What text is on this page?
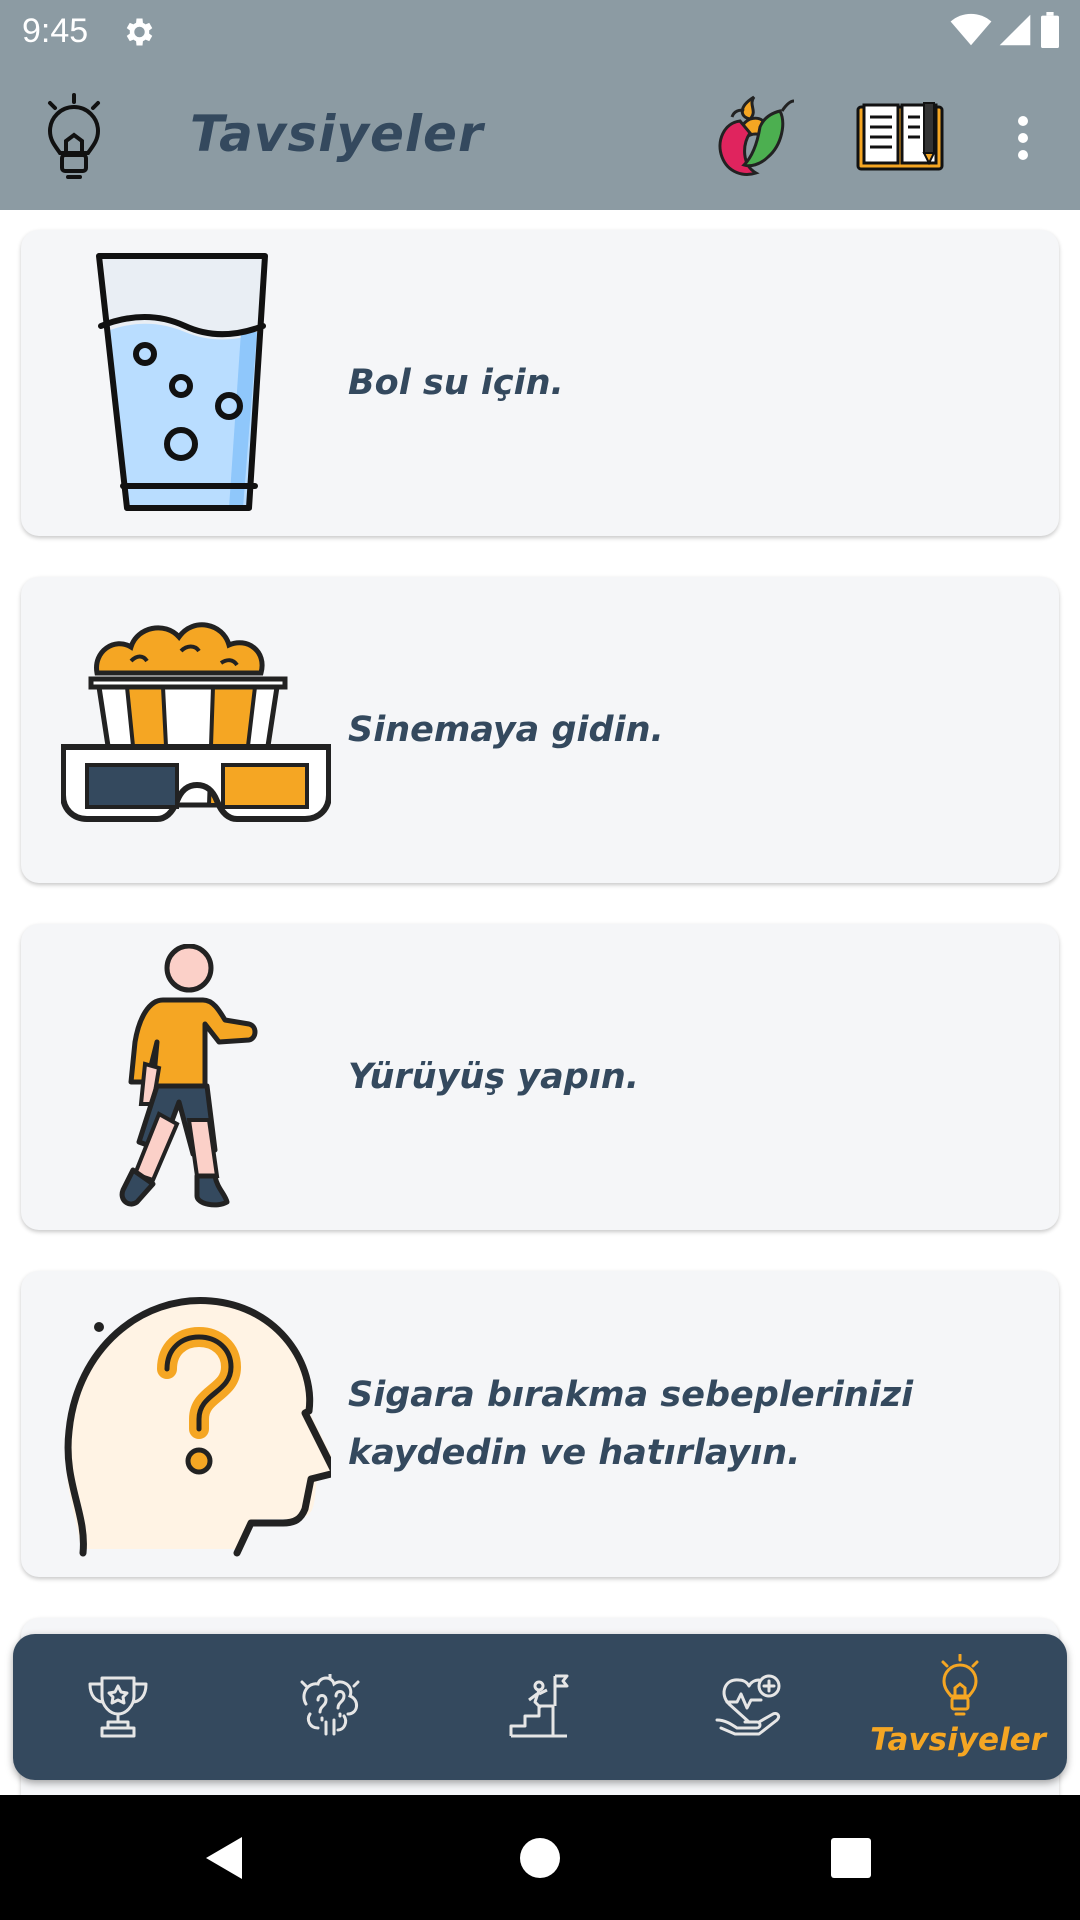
9:45

Tavsiyeler
Bol su için.
Sinemaya gidin.
Yürüyüş yapın.
Sigara bırakma sebeplerinizi kaydedin ve hatırlayın.
Tavsiyeler
